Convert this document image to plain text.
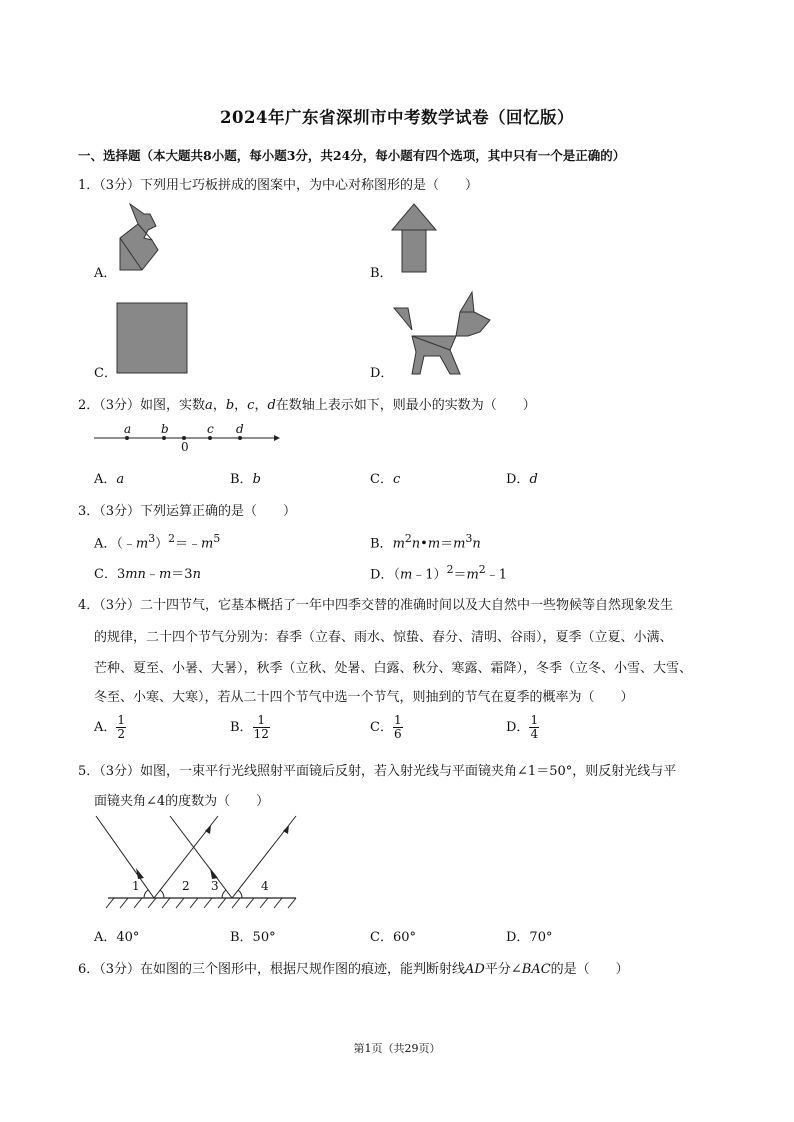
2024年广东省深圳市中考数学试卷（回忆版）
一、选择题（本大题共8小题，每小题3分，共24分，每小题有四个选项，其中只有一个是正确的）
1．（3分）下列用七巧板拼成的图案中，为中心对称图形的是（　　）
A．	B．
C．	D．
2．（3分）如图，实数a，b，c，d在数轴上表示如下，则最小的实数为（　　）
a b
0
c d
A．a	B．b	C．c	D．d
3．（3分）下列运算正确的是（　　）
A．$(﹣m^3)^2=﹣m^5$	B．$m^2n•m=m^3n$
C．3mn﹣m＝3n	D．$(m﹣1)^2=m^2﹣1$
4．（3分）二十四节气，它基本概括了一年中四季交替的准确时间以及大自然中一些物候等自然现象发生
的规律，二十四个节气分别为：春季（立春、雨水、惊蛰、春分、清明、谷雨），夏季（立夏、小满、
芒种、夏至、小暑、大暑），秋季（立秋、处暑、白露、秋分、寒露、霜降），冬季（立冬、小雪、大雪、
冬至、小寒、大寒），若从二十四个节气中选一个节气，则抽到的节气在夏季的概率为（　　）
A． $\frac{1}{2}$	B． $\frac{1}{12}$	C． $\frac{1}{6}$	D． $\frac{1}{4}$
5．（3分）如图，一束平行光线照射平面镜后反射，若入射光线与平面镜夹角∠1＝50°，则反射光线与平
面镜夹角∠4的度数为（　　）
1	2 3	4
A．40°	B．50°	C．60°	D．70°
6．（3分）在如图的三个图形中，根据尺规作图的痕迹，能判断射线AD平分∠BAC的是（　　）
第1页（共29页）
